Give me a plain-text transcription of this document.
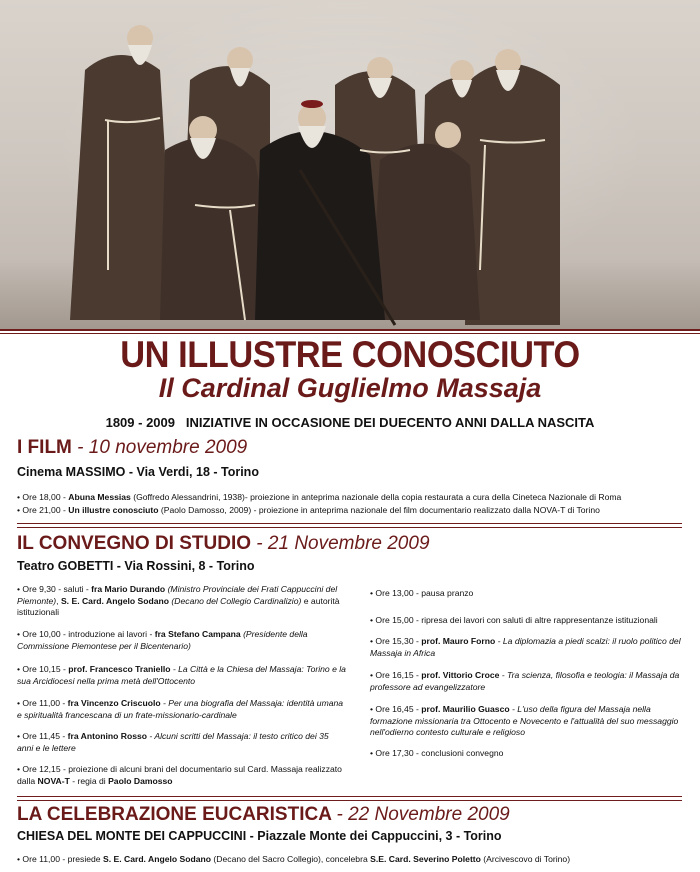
UN ILLUSTRE CONOSCIUTO
Il Cardinal Guglielmo Massaja
1809 - 2009 INIZIATIVE IN OCCASIONE DEI DUECENTO ANNI DALLA NASCITA
I FILM - 10 novembre 2009
Cinema MASSIMO - Via Verdi, 18 - Torino
• Ore 18,00 - Abuna Messias (Goffredo Alessandrini, 1938)- proiezione in anteprima nazionale della copia restaurata a cura della Cineteca Nazionale di Roma
• Ore 21,00 - Un illustre conosciuto (Paolo Damosso, 2009) - proiezione in anteprima nazionale del film documentario realizzato dalla NOVA-T di Torino
IL CONVEGNO DI STUDIO - 21 Novembre 2009
Teatro GOBETTI - Via Rossini, 8 - Torino
• Ore 9,30 - saluti - fra Mario Durando (Ministro Provinciale dei Frati Cappuccini del Piemonte), S. E. Card. Angelo Sodano (Decano del Collegio Cardinalizio) e autorità istituzionali
• Ore 10,00 - introduzione ai lavori - fra Stefano Campana (Presidente della Commissione Piemontese per il Bicentenario)
• Ore 10,15 - prof. Francesco Traniello - La Città e la Chiesa del Massaja: Torino e la sua Arcidiocesi nella prima metà dell'Ottocento
• Ore 11,00 - fra Vincenzo Criscuolo - Per una biografia del Massaja: identità umana e spiritualità francescana di un frate-missionario-cardinale
• Ore 11,45 - fra Antonino Rosso - Alcuni scritti del Massaja: il testo critico dei 35 anni e le lettere
• Ore 12,15 - proiezione di alcuni brani del documentario sul Card. Massaja realizzato dalla NOVA-T - regia di Paolo Damosso
• Ore 13,00 - pausa pranzo
• Ore 15,00 - ripresa dei lavori con saluti di altre rappresentanze istituzionali
• Ore 15,30 - prof. Mauro Forno - La diplomazia a piedi scalzi: il ruolo politico del Massaja in Africa
• Ore 16,15 - prof. Vittorio Croce - Tra scienza, filosofia e teologia: il Massaja da professore ad evangelizzatore
• Ore 16,45 - prof. Maurilio Guasco - L'uso della figura del Massaja nella formazione missionaria tra Ottocento e Novecento e l'attualità del suo messaggio nell'odierno contesto culturale e religioso
• Ore 17,30 - conclusioni convegno
LA CELEBRAZIONE EUCARISTICA - 22 Novembre 2009
CHIESA DEL MONTE DEI CAPPUCCINI - Piazzale Monte dei Cappuccini, 3 - Torino
• Ore 11,00 - presiede S. E. Card. Angelo Sodano (Decano del Sacro Collegio), concelebra S.E. Card. Severino Poletto (Arcivescovo di Torino)
